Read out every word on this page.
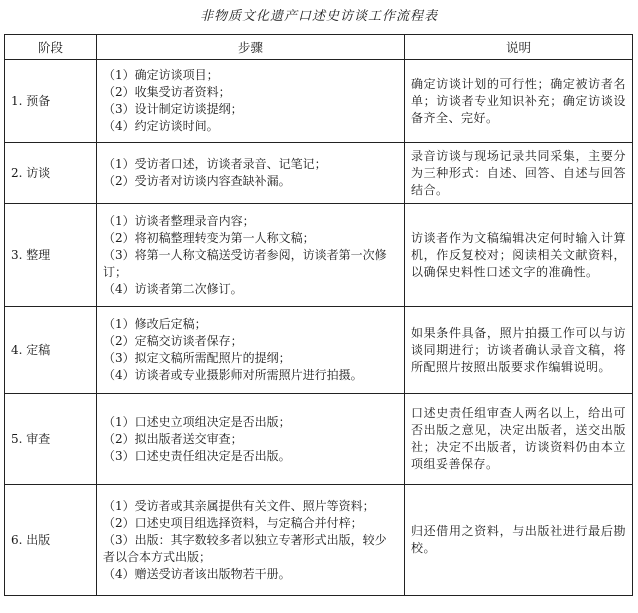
非物质文化遗产口述史访谈工作流程表
阶段	步骤	说明
1. 预备	（1）确定访谈项目；
（2）收集受访者资料；
（3）设计制定访谈提纲；
（4）约定访谈时间。	确定访谈计划的可行性；确定被访者名单；访谈者专业知识补充；确定访谈设备齐全、完好。
2. 访谈	（1）受访者口述，访谈者录音、记笔记；
（2）受访者对访谈内容查缺补漏。	录音访谈与现场记录共同采集，主要分为三种形式：自述、回答、自述与回答结合。
3. 整理	（1）访谈者整理录音内容；
（2）将初稿整理转变为第一人称文稿；
（3）将第一人称文稿送受访者参阅，访谈者第一次修订；
（4）访谈者第二次修订。	访谈者作为文稿编辑决定何时输入计算机，作反复校对；阅读相关文献资料，以确保史料性口述文字的准确性。
4. 定稿	（1）修改后定稿；
（2）定稿交访谈者保存；
（3）拟定文稿所需配照片的提纲；
（4）访谈者或专业摄影师对所需照片进行拍摄。	如果条件具备，照片拍摄工作可以与访谈同期进行；访谈者确认录音文稿，将所配照片按照出版要求作编辑说明。
5. 审查	（1）口述史立项组决定是否出版；
（2）拟出版者送交审查；
（3）口述史责任组决定是否出版。	口述史责任组审查人两名以上，给出可否出版之意见，决定出版者，送交出版社；决定不出版者，访谈资料仍由本立项组妥善保存。
6. 出版	（1）受访者或其亲属提供有关文件、照片等资料；
（2）口述史项目组选择资料，与定稿合并付梓；
（3）出版：其字数较多者以独立专著形式出版，较少者以合本方式出版；
（4）赠送受访者该出版物若干册。	归还借用之资料，与出版社进行最后勘校。
